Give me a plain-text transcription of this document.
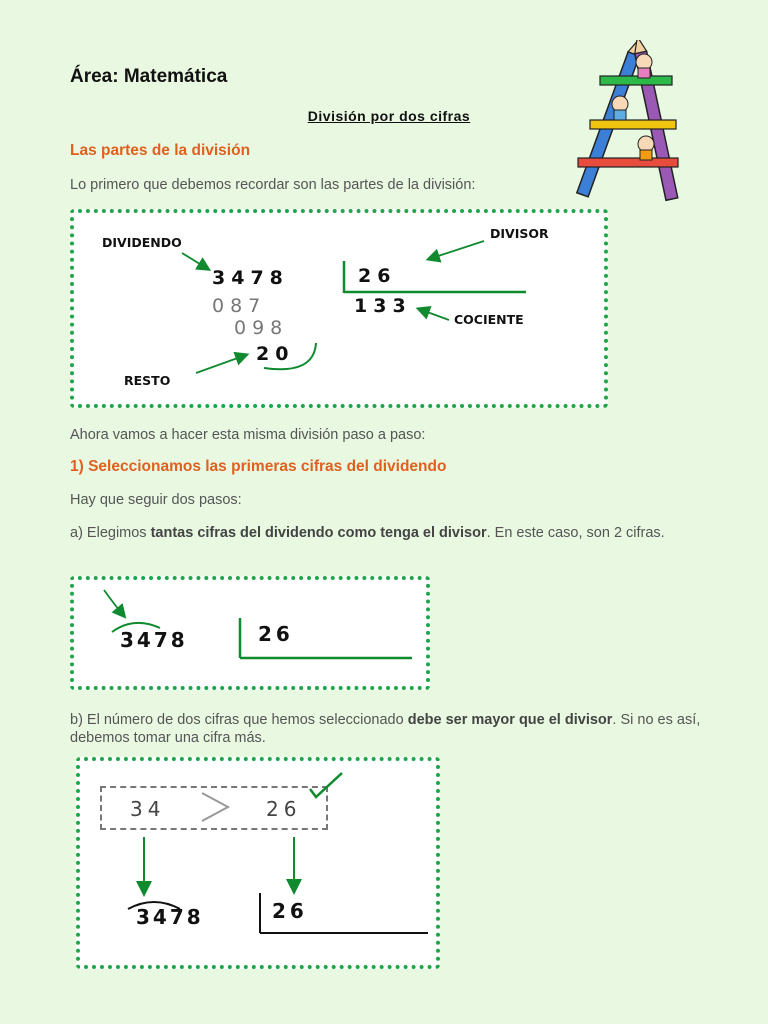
Área: Matemática
División por dos cifras
Las partes de la división
Lo primero que debemos recordar son las partes de la división:
DIVIDENDO
DIVISOR
COCIENTE
RESTO
3478
087
098
20
26
133
Ahora vamos a hacer esta misma división paso a paso:
1) Seleccionamos las primeras cifras del dividendo
Hay que seguir dos pasos:
a) Elegimos tantas cifras del dividendo como tenga el divisor. En este caso, son 2 cifras.
3478	26
b) El número de dos cifras que hemos seleccionado debe ser mayor que el divisor. Si no es así, debemos tomar una cifra más.
34	26
3478	26
